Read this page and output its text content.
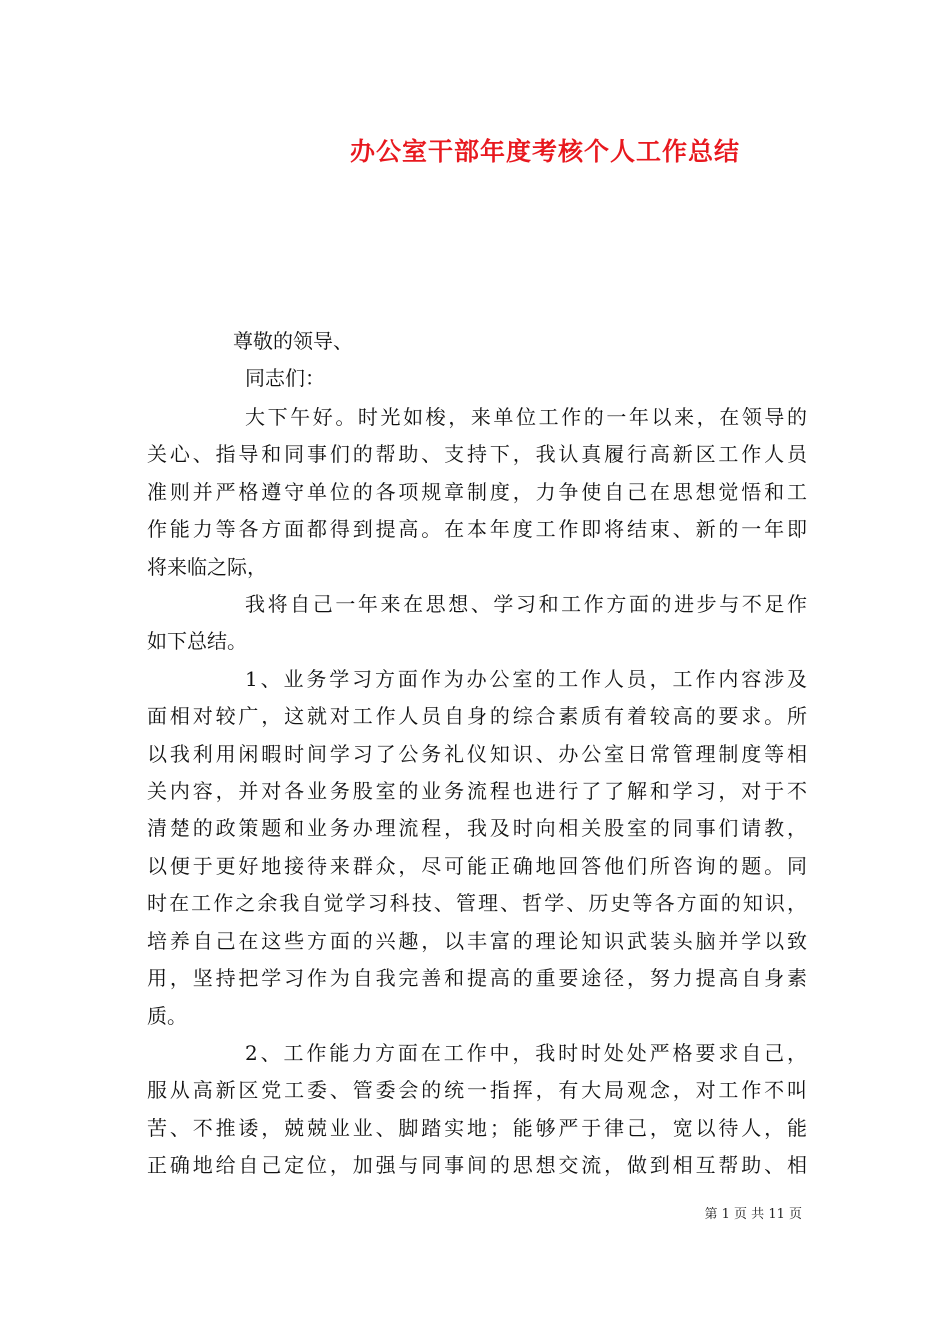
办公室干部年度考核个人工作总结
尊敬的领导、
同志们：
大下午好。时光如梭，来单位工作的一年以来，在领导的
关心、指导和同事们的帮助、支持下，我认真履行高新区工作人员
准则并严格遵守单位的各项规章制度，力争使自己在思想觉悟和工
作能力等各方面都得到提高。在本年度工作即将结束、新的一年即
将来临之际，
我将自己一年来在思想、学习和工作方面的进步与不足作
如下总结。
1、业务学习方面作为办公室的工作人员，工作内容涉及
面相对较广，这就对工作人员自身的综合素质有着较高的要求。所
以我利用闲暇时间学习了公务礼仪知识、办公室日常管理制度等相
关内容，并对各业务股室的业务流程也进行了了解和学习，对于不
清楚的政策题和业务办理流程，我及时向相关股室的同事们请教，
以便于更好地接待来群众，尽可能正确地回答他们所咨询的题。同
时在工作之余我自觉学习科技、管理、哲学、历史等各方面的知识，
培养自己在这些方面的兴趣，以丰富的理论知识武装头脑并学以致
用，坚持把学习作为自我完善和提高的重要途径，努力提高自身素
质。
2、工作能力方面在工作中，我时时处处严格要求自己，
服从高新区党工委、管委会的统一指挥，有大局观念，对工作不叫
苦、不推诿，兢兢业业、脚踏实地；能够严于律己，宽以待人，能
正确地给自己定位，加强与同事间的思想交流，做到相互帮助、相
第 1 页 共 11 页
